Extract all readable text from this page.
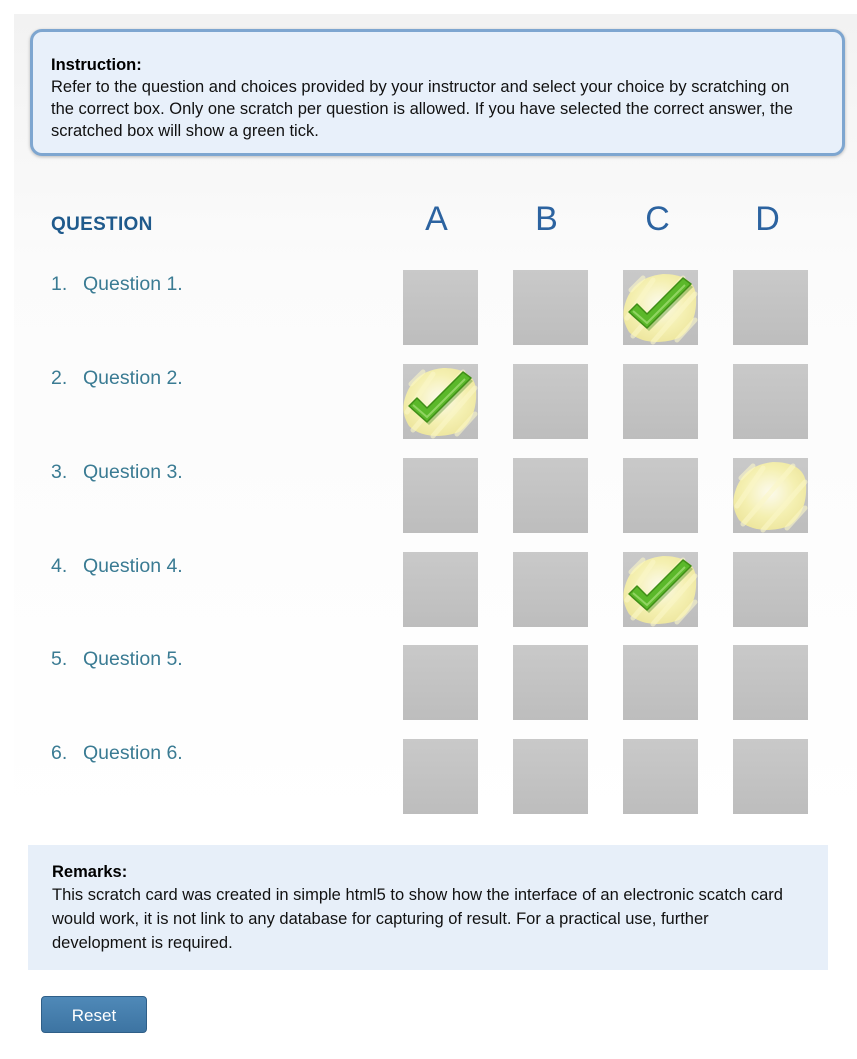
Instruction:
Refer to the question and choices provided by your instructor and select your choice by scratching on the correct box. Only one scratch per question is allowed. If you have selected the correct answer, the scratched box will show a green tick.
QUESTION	A	B	C	D
1. Question 1.
2. Question 2.
3. Question 3.
4. Question 4.
5. Question 5.
6. Question 6.
Remarks:
This scratch card was created in simple html5 to show how the interface of an electronic scatch card would work, it is not link to any database for capturing of result. For a practical use, further development is required.
Reset
